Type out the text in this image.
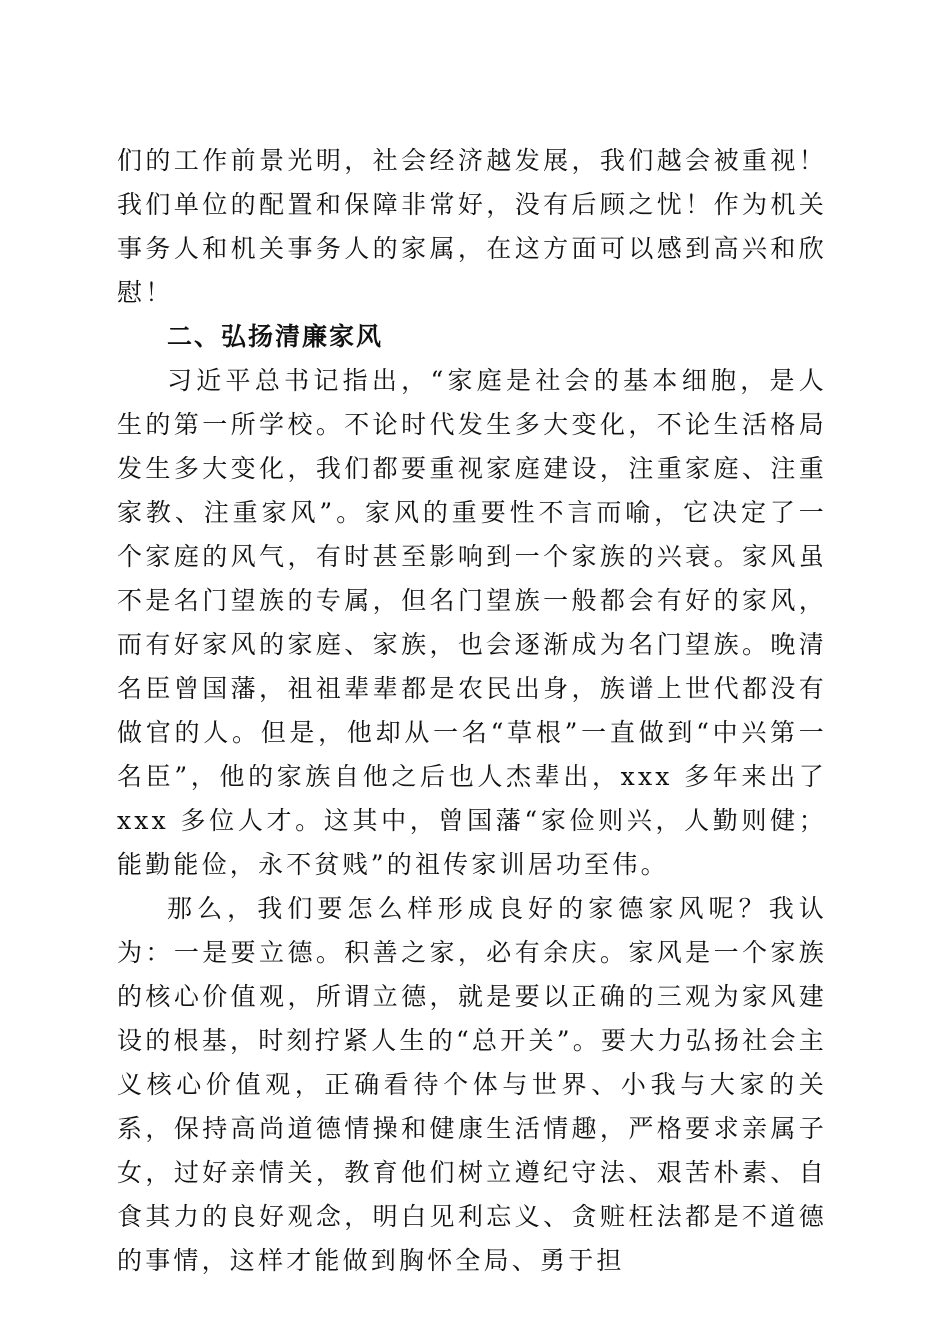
们的工作前景光明，社会经济越发展，我们越会被重视！我们单位的配置和保障非常好，没有后顾之忧！作为机关事务人和机关事务人的家属，在这方面可以感到高兴和欣慰！

二、弘扬清廉家风

习近平总书记指出，“家庭是社会的基本细胞，是人生的第一所学校。不论时代发生多大变化，不论生活格局发生多大变化，我们都要重视家庭建设，注重家庭、注重家教、注重家风”。家风的重要性不言而喻，它决定了一个家庭的风气，有时甚至影响到一个家族的兴衰。家风虽不是名门望族的专属，但名门望族一般都会有好的家风，而有好家风的家庭、家族，也会逐渐成为名门望族。晚清名臣曾国藩，祖祖辈辈都是农民出身，族谱上世代都没有做官的人。但是，他却从一名“草根”一直做到“中兴第一名臣”，他的家族自他之后也人杰辈出，xxx 多年来出了 xxx 多位人才。这其中，曾国藩“家俭则兴，人勤则健；能勤能俭，永不贫贱”的祖传家训居功至伟。

那么，我们要怎么样形成良好的家德家风呢？我认为：一是要立德。积善之家，必有余庆。家风是一个家族的核心价值观，所谓立德，就是要以正确的三观为家风建设的根基，时刻拧紧人生的“总开关”。要大力弘扬社会主义核心价值观，正确看待个体与世界、小我与大家的关系，保持高尚道德情操和健康生活情趣，严格要求亲属子女，过好亲情关，教育他们树立遵纪守法、艰苦朴素、自食其力的良好观念，明白见利忘义、贪赃枉法都是不道德的事情，这样才能做到胸怀全局、勇于担
